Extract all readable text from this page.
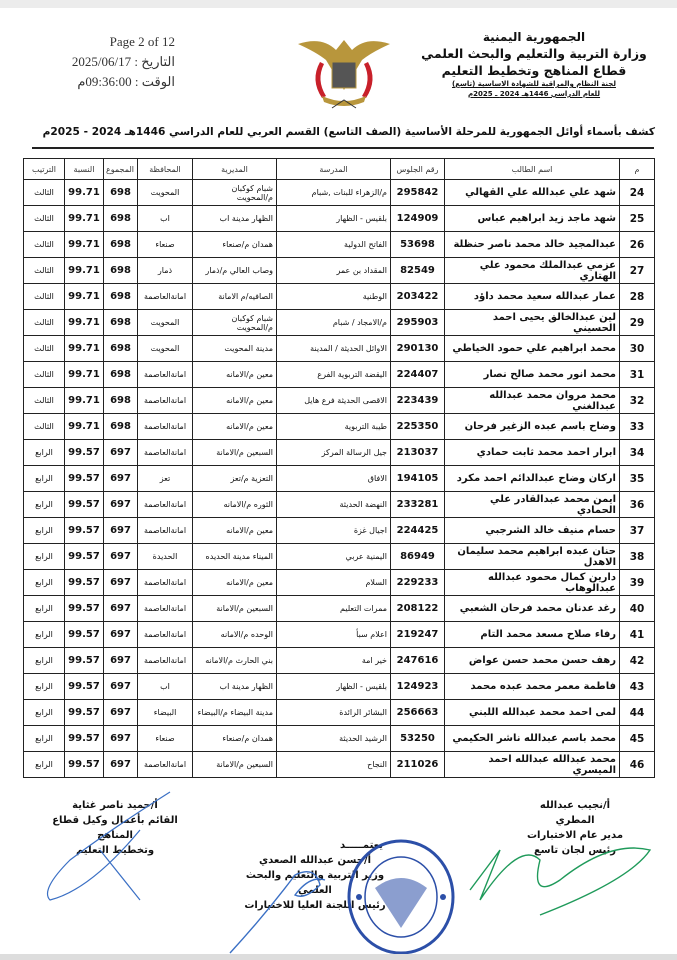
الجمهورية اليمنية
وزارة التربية والتعليم والبحث العلمي
قطاع المناهج وتخطيط التعليم
لجنة النظام والمراقبة للشهادة الاساسية (تاسع)
للعام الدراسي 1446هـ 2024 ـ 2025م
Page 2 of 12
التاريخ : 2025/06/17
الوقت : 09:36:00م
كشف بأسماء أوائل الجمهورية للمرحلة الأساسية (الصف التاسع) القسم العربي للعام الدراسي 1446هـ 2024 - 2025م
م	اسم الطالب	رقم الجلوس	المدرسة	المديرية	المحافظة	المجموع	النسبة	الترتيب
24	شهد علي عبدالله علي القهالي	295842	م/الزهراء للبنات ,شبام	شبام كوكبان
م/المحويت	المحويت	698	99.71	الثالث
25	شهد ماجد زيد ابراهيم عباس	124909	بلقيس - الظهار	الظهار مدينة اب	اب	698	99.71	الثالث
26	عبدالمجيد خالد محمد ناصر حنظلة	53698	الفاتح الدولية	همدان م/صنعاء	صنعاء	698	99.71	الثالث
27	عزمي عبدالملك محمود علي الهتاري	82549	المقداد بن عمر	وصاب العالي م/ذمار	ذمار	698	99.71	الثالث
28	عمار عبدالله سعيد محمد داؤد	203422	الوطنية	الصافيه/م الامانة	امانةالعاصمة	698	99.71	الثالث
29	لين عبدالخالق يحيى احمد الحسيني	295903	م/الامجاد / شبام	شبام كوكبان
م/المحويت	المحويت	698	99.71	الثالث
30	محمد ابراهيم علي حمود الخياطي	290130	الاوائل الحديثة / المدينة	مدينة المحويت	المحويت	698	99.71	الثالث
31	محمد انور محمد صالح نصار	224407	اليقضة التربوية الفرع	معين م/الامانه	امانةالعاصمة	698	99.71	الثالث
32	محمد مروان محمد عبدالله عبدالغني	223439	الاقصى الحديثة فرع هايل	معين م/الامانه	امانةالعاصمة	698	99.71	الثالث
33	وضاح باسم عبده الزغير فرحان	225350	طيبة التربوية	معين م/الامانه	امانةالعاصمة	698	99.71	الثالث
34	ابرار احمد محمد ثابت حمادي	213037	جيل الرسالة المركز	السبعين م/الامانة	امانةالعاصمة	697	99.57	الرابع
35	اركان وضاح عبدالدائم احمد مكرد	194105	الافاق	التعزية م/تعز	تعز	697	99.57	الرابع
36	ايمن محمد عبدالقادر علي الحمادي	233281	النهضة الحديثة	الثوره م/الامانه	امانةالعاصمة	697	99.57	الرابع
37	حسام منيف خالد الشرجبي	224425	اجيال غزة	معين م/الامانه	امانةالعاصمة	697	99.57	الرابع
38	حنان عبده ابراهيم محمد سليمان
الاهدل	86949	اليمنية عربي	الميناء مدينة الحديده	الحديدة	697	99.57	الرابع
39	دارين كمال محمود عبدالله
عبدالوهاب	229233	السلام	معين م/الامانه	امانةالعاصمة	697	99.57	الرابع
40	رغد عدنان محمد فرحان الشعبي	208122	ممرات التعليم	السبعين م/الامانة	امانةالعاصمة	697	99.57	الرابع
41	رفاء صلاح مسعد محمد التام	219247	اعلام سبأ	الوحده م/الامانه	امانةالعاصمة	697	99.57	الرابع
42	رهف حسن محمد حسن عواض	247616	خير امة	بني الحارث م/الامانه	امانةالعاصمة	697	99.57	الرابع
43	فاطمة معمر محمد عبده محمد	124923	بلقيس - الظهار	الظهار مدينة اب	اب	697	99.57	الرابع
44	لمى احمد محمد عبدالله اللبني	256663	البشائر الرائدة	مدينة البيضاء م/البيضاء	البيضاء	697	99.57	الرابع
45	محمد باسم عبدالله ناشر الحكيمي	53250	الرشيد الحديثة	همدان م/صنعاء	صنعاء	697	99.57	الرابع
46	محمد عبدالله عبدالله احمد الميسري	211026	النجاح	السبعين م/الامانة	امانةالعاصمة	697	99.57	الرابع
أ/حميد ناصر غثاية
القائم بأعمال وكيل قطاع المناهج
وتخطيط التعليم	يعتمـــــد
أ/حسن عبدالله الصعدي
وزير التربية والتعليم والبحث العلمي
رئيس اللجنة العليا للاختبارات
أ/نجيب عبدالله المطري
مدير عام الاختبارات
رئيس لجان تاسع
